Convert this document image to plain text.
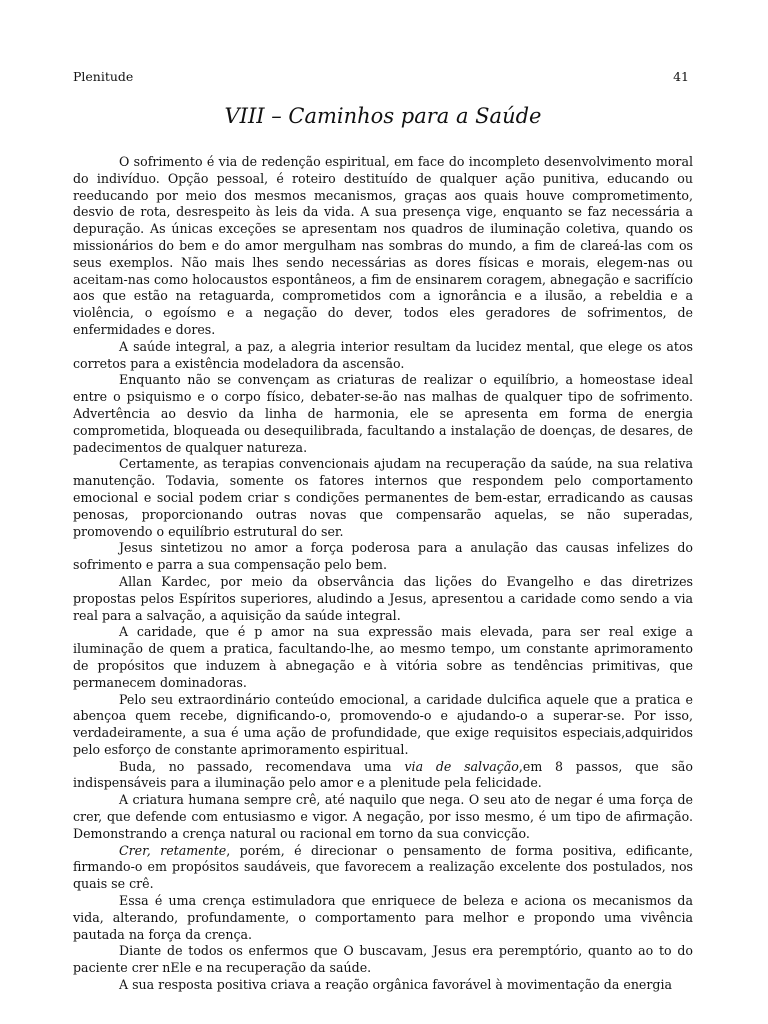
Plenitude	41
VIII – Caminhos para a Saúde

O sofrimento é via de redenção espiritual, em face do incompleto desenvolvimento moral do indivíduo. Opção pessoal, é roteiro destituído de qualquer ação punitiva, educando ou reeducando por meio dos mesmos mecanismos, graças aos quais houve comprometimento, desvio de rota, desrespeito às leis da vida. A sua presença vige, enquanto se faz necessária a depuração. As únicas exceções se apresentam nos quadros de iluminação coletiva, quando os missionários do bem e do amor mergulham nas sombras do mundo, a fim de clareá-las com os seus exemplos. Não mais lhes sendo necessárias as dores físicas e morais, elegem-nas ou aceitam-nas como holocaustos espontâneos, a fim de ensinarem coragem, abnegação e sacrifício aos que estão na retaguarda, comprometidos com a ignorância e a ilusão, a rebeldia e a violência, o egoísmo e a negação do dever, todos eles geradores de sofrimentos, de enfermidades e dores.

A saúde integral, a paz, a alegria interior resultam da lucidez mental, que elege os atos corretos para a existência modeladora da ascensão.

Enquanto não se convençam as criaturas de realizar o equilíbrio, a homeostase ideal entre o psiquismo e o corpo físico, debater-se-ão nas malhas de qualquer tipo de sofrimento. Advertência ao desvio da linha de harmonia, ele se apresenta em forma de energia comprometida, bloqueada ou desequilibrada, facultando a instalação de doenças, de desares, de padecimentos de qualquer natureza.

Certamente, as terapias convencionais ajudam na recuperação da saúde, na sua relativa manutenção. Todavia, somente os fatores internos que respondem pelo comportamento emocional e social podem criar s condições permanentes de bem-estar, erradicando as causas penosas, proporcionando outras novas que compensarão aquelas, se não superadas, promovendo o equilíbrio estrutural do ser.

Jesus sintetizou no amor a força poderosa para a anulação das causas infelizes do sofrimento e parra a sua compensação pelo bem.

Allan Kardec, por meio da observância das lições do Evangelho e das diretrizes propostas pelos Espíritos superiores, aludindo a Jesus, apresentou a caridade como sendo a via real para a salvação, a aquisição da saúde integral.

A caridade, que é p amor na sua expressão mais elevada, para ser real exige a iluminação de quem a pratica, facultando-lhe, ao mesmo tempo, um constante aprimoramento de propósitos que induzem à abnegação e à vitória sobre as tendências primitivas, que permanecem dominadoras.

Pelo seu extraordinário conteúdo emocional, a caridade dulcifica aquele que a pratica e abençoa quem recebe, dignificando-o, promovendo-o e ajudando-o a superar-se. Por isso, verdadeiramente, a sua é uma ação de profundidade, que exige requisitos especiais,adquiridos pelo esforço de constante aprimoramento espiritual.

Buda, no passado, recomendava uma via de salvação,em 8 passos, que são indispensáveis para a iluminação pelo amor e a plenitude pela felicidade.

A criatura humana sempre crê, até naquilo que nega. O seu ato de negar é uma força de crer, que defende com entusiasmo e vigor. A negação, por isso mesmo, é um tipo de afirmação. Demonstrando a crença natural ou racional em torno da sua convicção.

Crer, retamente, porém, é direcionar o pensamento de forma positiva, edificante, firmando-o em propósitos saudáveis, que favorecem a realização excelente dos postulados, nos quais se crê.

Essa é uma crença estimuladora que enriquece de beleza e aciona os mecanismos da vida, alterando, profundamente, o comportamento para melhor e propondo uma vivência pautada na força da crença.

Diante de todos os enfermos que O buscavam, Jesus era peremptório, quanto ao to do paciente crer nEle e na recuperação da saúde.

A sua resposta positiva criava a reação orgânica favorável à movimentação da energia
